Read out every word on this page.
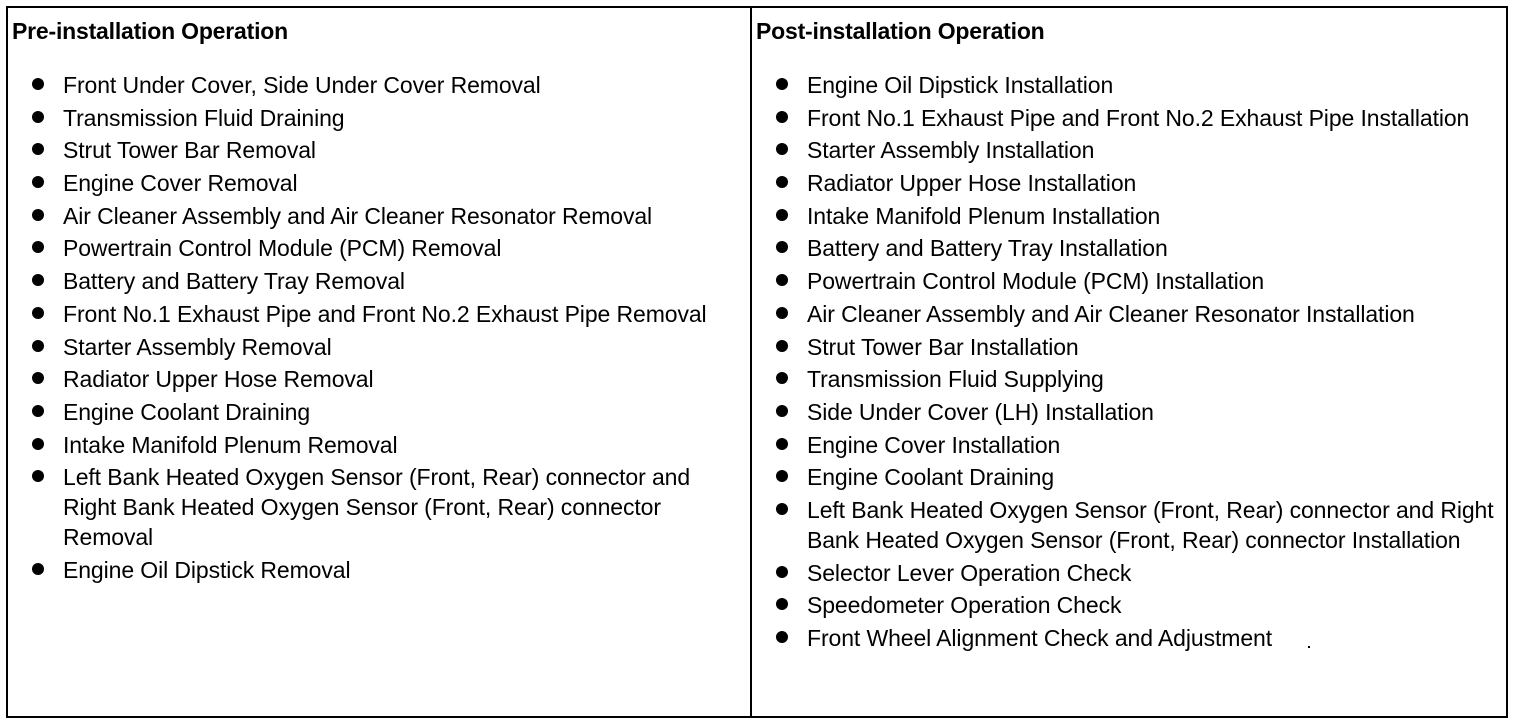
Pre-installation Operation
Front Under Cover, Side Under Cover Removal
Transmission Fluid Draining
Strut Tower Bar Removal
Engine Cover Removal
Air Cleaner Assembly and Air Cleaner Resonator Removal
Powertrain Control Module (PCM) Removal
Battery and Battery Tray Removal
Front No.1 Exhaust Pipe and Front No.2 Exhaust Pipe Removal
Starter Assembly Removal
Radiator Upper Hose Removal
Engine Coolant Draining
Intake Manifold Plenum Removal
Left Bank Heated Oxygen Sensor (Front, Rear) connector and Right Bank Heated Oxygen Sensor (Front, Rear) connector Removal
Engine Oil Dipstick Removal
Post-installation Operation
Engine Oil Dipstick Installation
Front No.1 Exhaust Pipe and Front No.2 Exhaust Pipe Installation
Starter Assembly Installation
Radiator Upper Hose Installation
Intake Manifold Plenum Installation
Battery and Battery Tray Installation
Powertrain Control Module (PCM) Installation
Air Cleaner Assembly and Air Cleaner Resonator Installation
Strut Tower Bar Installation
Transmission Fluid Supplying
Side Under Cover (LH) Installation
Engine Cover Installation
Engine Coolant Draining
Left Bank Heated Oxygen Sensor (Front, Rear) connector and Right Bank Heated Oxygen Sensor (Front, Rear) connector Installation
Selector Lever Operation Check
Speedometer Operation Check
Front Wheel Alignment Check and Adjustment
